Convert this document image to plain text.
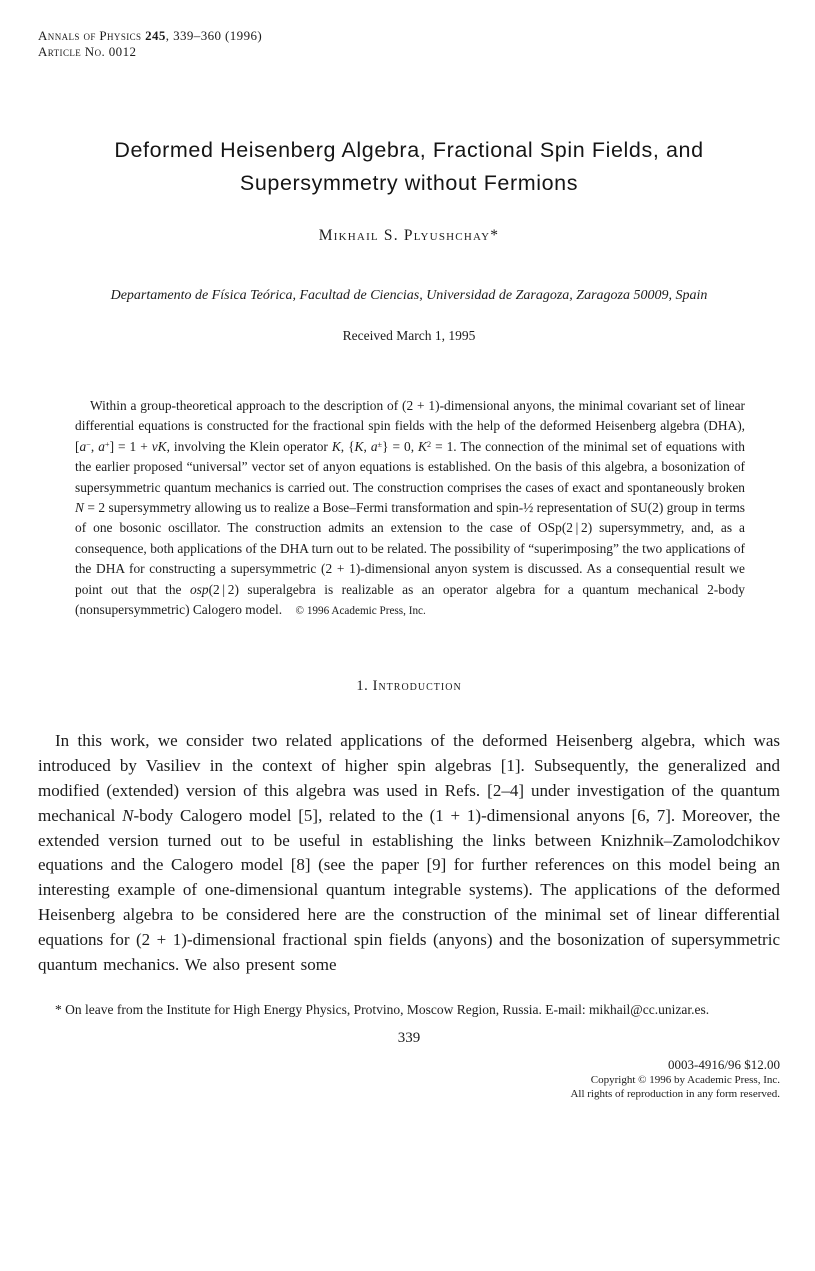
Annals of Physics 245, 339–360 (1996)
Article No. 0012
Deformed Heisenberg Algebra, Fractional Spin Fields, and
Supersymmetry without Fermions
Mikhail S. Plyushchay*
Departamento de Física Teórica, Facultad de Ciencias, Universidad de Zaragoza, Zaragoza 50009, Spain
Received March 1, 1995
Within a group-theoretical approach to the description of (2 + 1)-dimensional anyons, the minimal covariant set of linear differential equations is constructed for the fractional spin fields with the help of the deformed Heisenberg algebra (DHA), [a−, a+] = 1 + νK, involving the Klein operator K, {K, a±} = 0, $K^2 = 1$. The connection of the minimal set of equations with the earlier proposed “universal” vector set of anyon equations is established. On the basis of this algebra, a bosonization of supersymmetric quantum mechanics is carried out. The construction comprises the cases of exact and spontaneously broken N = 2 supersymmetry allowing us to realize a Bose–Fermi transformation and spin-½ representation of SU(2) group in terms of one bosonic oscillator. The construction admits an extension to the case of OSp(2 | 2) supersymmetry, and, as a consequence, both applications of the DHA turn out to be related. The possibility of “superimposing” the two applications of the DHA for constructing a supersymmetric (2 + 1)-dimensional anyon system is discussed. As a consequential result we point out that the osp(2 | 2) superalgebra is realizable as an operator algebra for a quantum mechanical 2-body (nonsupersymmetric) Calogero model.    © 1996 Academic Press, Inc.
1. Introduction
In this work, we consider two related applications of the deformed Heisenberg algebra, which was introduced by Vasiliev in the context of higher spin algebras [1]. Subsequently, the generalized and modified (extended) version of this algebra was used in Refs. [2–4] under investigation of the quantum mechanical N-body Calogero model [5], related to the (1 + 1)-dimensional anyons [6, 7]. Moreover, the extended version turned out to be useful in establishing the links between Knizhnik–Zamolodchikov equations and the Calogero model [8] (see the paper [9] for further references on this model being an interesting example of one-dimensional quantum integrable systems). The applications of the deformed Heisenberg algebra to be considered here are the construction of the minimal set of linear differential equations for (2 + 1)-dimensional fractional spin fields (anyons) and the bosonization of supersymmetric quantum mechanics. We also present some
* On leave from the Institute for High Energy Physics, Protvino, Moscow Region, Russia. E-mail: mikhail@cc.unizar.es.
339
0003-4916/96 $12.00
Copyright © 1996 by Academic Press, Inc.
All rights of reproduction in any form reserved.
